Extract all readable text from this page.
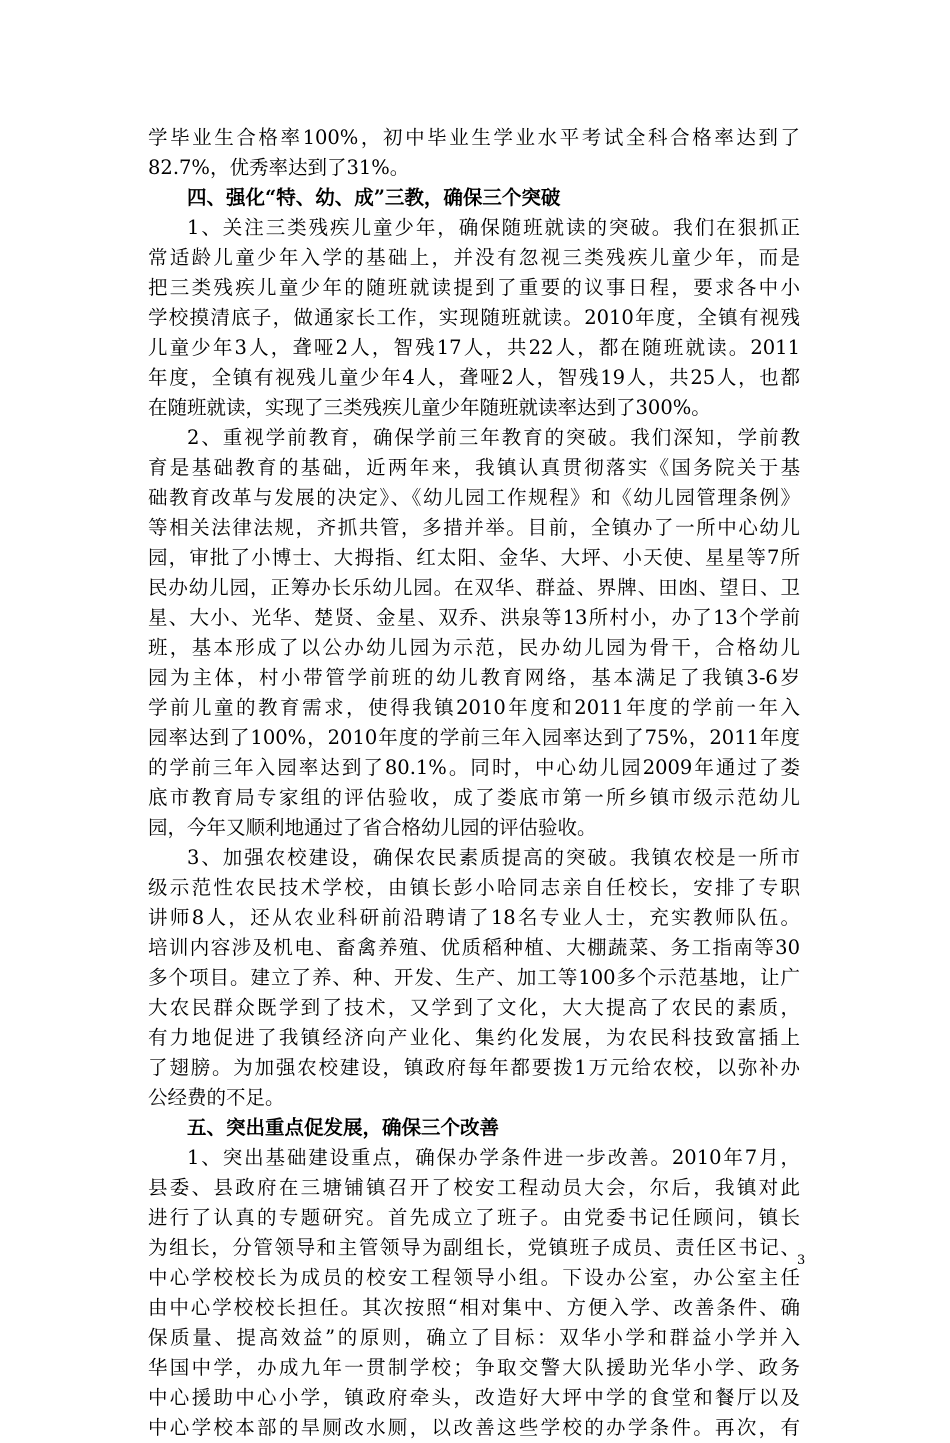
学毕业生合格率100%，初中毕业生学业水平考试全科合格率达到了
82.7%，优秀率达到了31%。
四、强化“特、幼、成”三教，确保三个突破
1、关注三类残疾儿童少年，确保随班就读的突破。我们在狠抓正
常适龄儿童少年入学的基础上，并没有忽视三类残疾儿童少年，而是
把三类残疾儿童少年的随班就读提到了重要的议事日程，要求各中小
学校摸清底子，做通家长工作，实现随班就读。2010年度，全镇有视残
儿童少年3人，聋哑2人，智残17人，共22人，都在随班就读。2011
年度，全镇有视残儿童少年4人，聋哑2人，智残19人，共25人，也都
在随班就读，实现了三类残疾儿童少年随班就读率达到了300%。
2、重视学前教育，确保学前三年教育的突破。我们深知，学前教
育是基础教育的基础，近两年来，我镇认真贯彻落实《国务院关于基
础教育改革与发展的决定》、《幼儿园工作规程》和《幼儿园管理条例》
等相关法律法规，齐抓共管，多措并举。目前，全镇办了一所中心幼儿
园，审批了小博士、大拇指、红太阳、金华、大坪、小天使、星星等7所
民办幼儿园，正筹办长乐幼儿园。在双华、群益、界牌、田凼、望日、卫
星、大小、光华、楚贤、金星、双乔、洪泉等13所村小，办了13个学前
班，基本形成了以公办幼儿园为示范，民办幼儿园为骨干，合格幼儿
园为主体，村小带管学前班的幼儿教育网络，基本满足了我镇3-6岁
学前儿童的教育需求，使得我镇2010年度和2011年度的学前一年入
园率达到了100%，2010年度的学前三年入园率达到了75%，2011年度
的学前三年入园率达到了80.1%。同时，中心幼儿园2009年通过了娄
底市教育局专家组的评估验收，成了娄底市第一所乡镇市级示范幼儿
园，今年又顺利地通过了省合格幼儿园的评估验收。
3、加强农校建设，确保农民素质提高的突破。我镇农校是一所市
级示范性农民技术学校，由镇长彭小哈同志亲自任校长，安排了专职
讲师8人，还从农业科研前沿聘请了18名专业人士，充实教师队伍。
培训内容涉及机电、畜禽养殖、优质稻种植、大棚蔬菜、务工指南等30
多个项目。建立了养、种、开发、生产、加工等100多个示范基地，让广
大农民群众既学到了技术，又学到了文化，大大提高了农民的素质，
有力地促进了我镇经济向产业化、集约化发展，为农民科技致富插上
了翅膀。为加强农校建设，镇政府每年都要拨1万元给农校，以弥补办
公经费的不足。
五、突出重点促发展，确保三个改善
1、突出基础建设重点，确保办学条件进一步改善。2010年7月，
县委、县政府在三塘铺镇召开了校安工程动员大会，尔后，我镇对此
进行了认真的专题研究。首先成立了班子。由党委书记任顾问，镇长
为组长，分管领导和主管领导为副组长，党镇班子成员、责任区书记、
中心学校校长为成员的校安工程领导小组。下设办公室，办公室主任
由中心学校校长担任。其次按照“相对集中、方便入学、改善条件、确
保质量、提高效益”的原则，确立了目标：双华小学和群益小学并入
华国中学，办成九年一贯制学校；争取交警大队援助光华小学、政务
中心援助中心小学，镇政府牵头，改造好大坪中学的食堂和餐厅以及
中心学校本部的旱厕改水厕，以改善这些学校的办学条件。再次，有
3
